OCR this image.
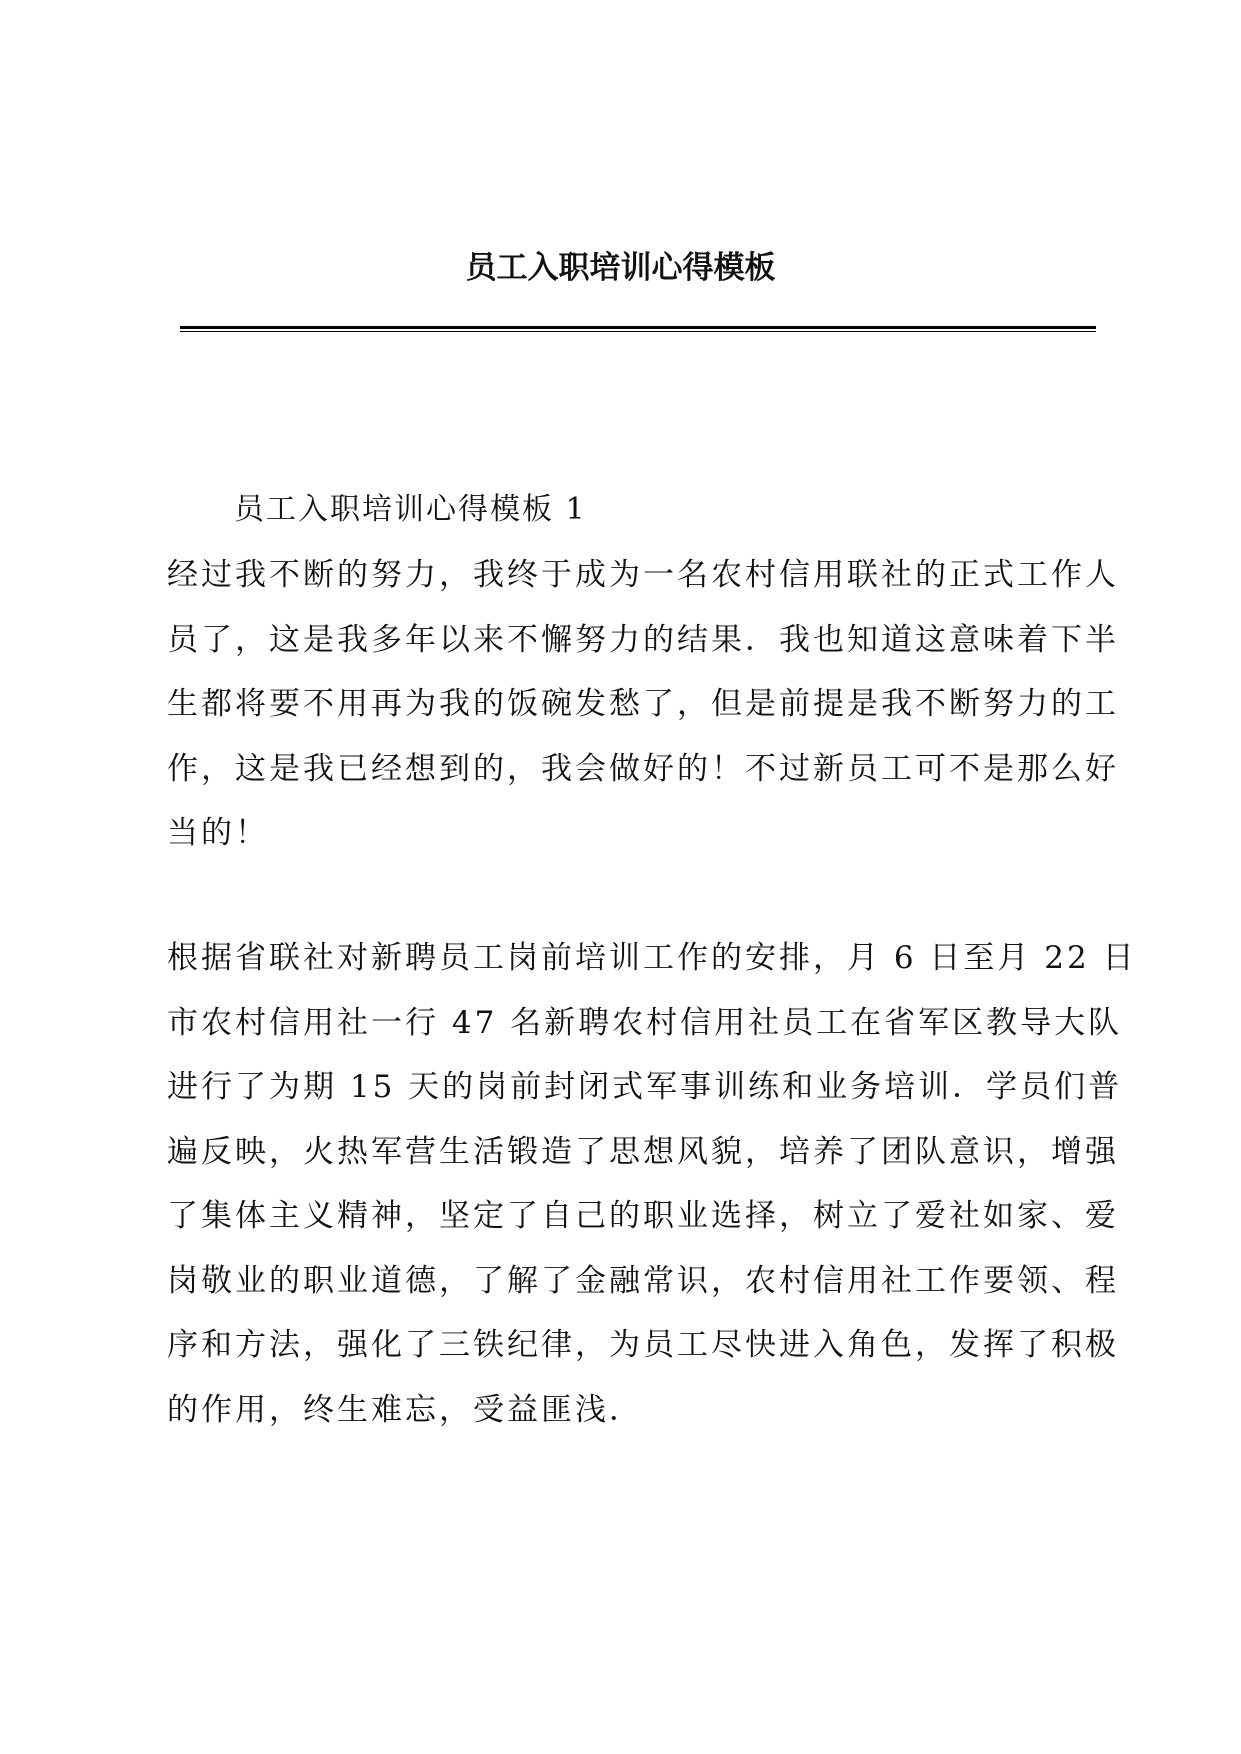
员工入职培训心得模板
员工入职培训心得模板 1
经过我不断的努力，我终于成为一名农村信用联社的正式工作人
员了，这是我多年以来不懈努力的结果．我也知道这意味着下半
生都将要不用再为我的饭碗发愁了，但是前提是我不断努力的工
作，这是我已经想到的，我会做好的！不过新员工可不是那么好
当的！
根据省联社对新聘员工岗前培训工作的安排，月 6 日至月 22 日
市农村信用社一行 47 名新聘农村信用社员工在省军区教导大队
进行了为期 15 天的岗前封闭式军事训练和业务培训．学员们普
遍反映，火热军营生活锻造了思想风貌，培养了团队意识，增强
了集体主义精神，坚定了自己的职业选择，树立了爱社如家、爱
岗敬业的职业道德，了解了金融常识，农村信用社工作要领、程
序和方法，强化了三铁纪律，为员工尽快进入角色，发挥了积极
的作用，终生难忘，受益匪浅．
